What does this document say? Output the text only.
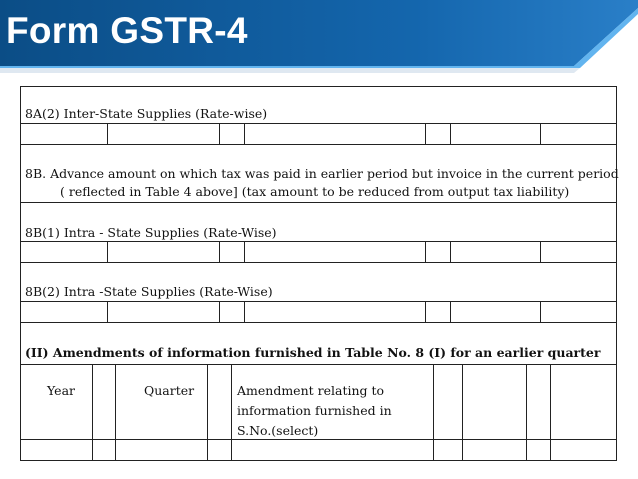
Form GSTR-4
8A(2) Inter-State Supplies (Rate-wise)
8B. Advance amount on which tax was paid in earlier period but invoice in the current period
( reflected in Table 4 above] (tax amount to be reduced from output tax liability)
8B(1) Intra - State Supplies (Rate-Wise)
8B(2) Intra -State Supplies (Rate-Wise)
(II) Amendments of information furnished in Table No. 8 (I) for an earlier quarter
Year	Quarter	Amendment relating to
information furnished in
S.No.(select)
